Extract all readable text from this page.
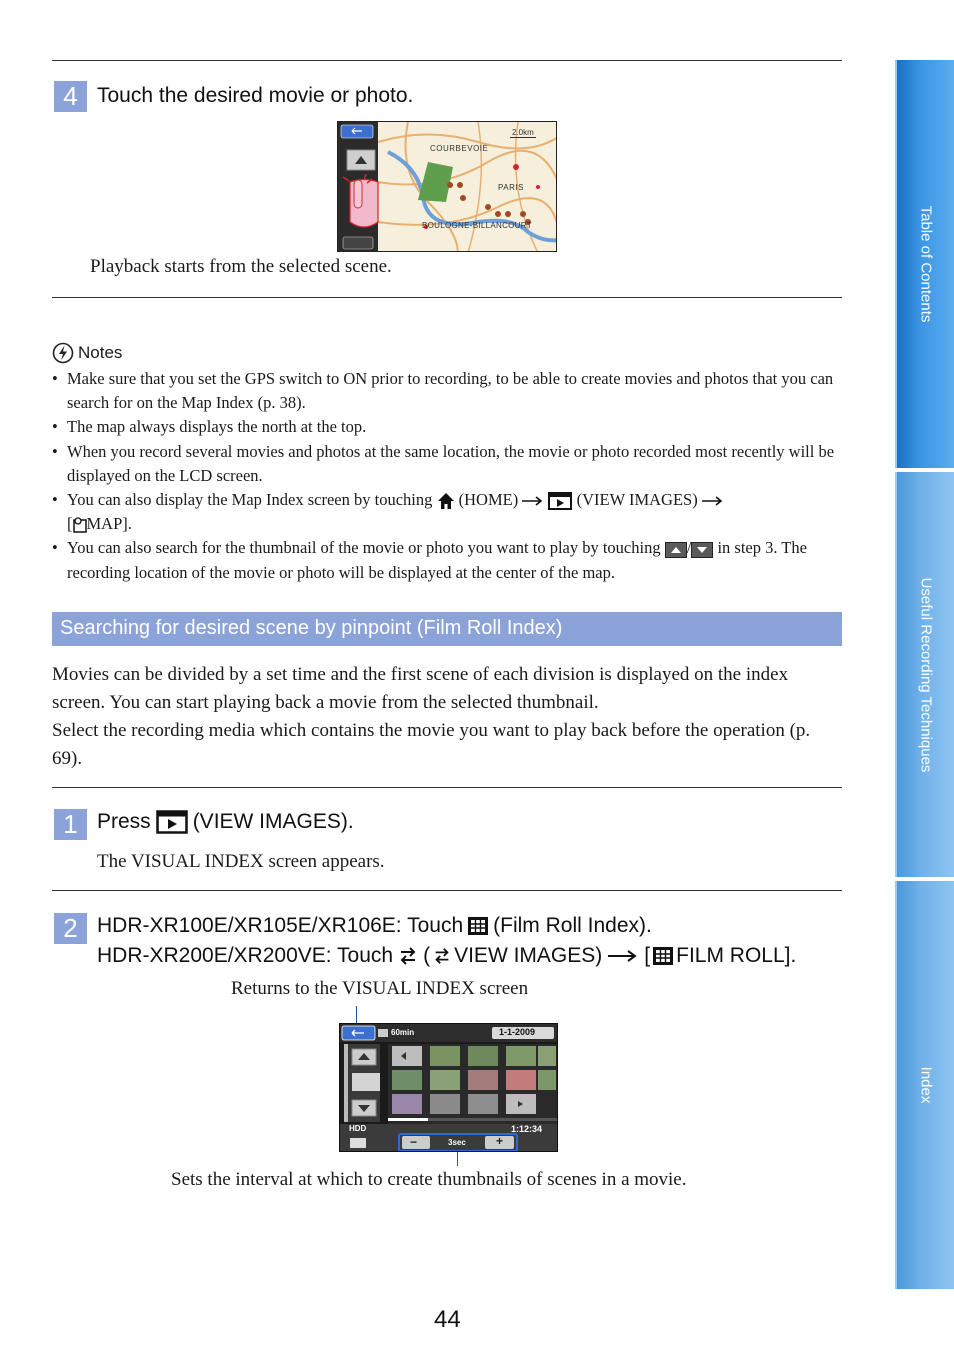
4 Touch the desired movie or photo.
COURBEVOIE
PARIS
BOULOGNE-BILLANCOURT
2.0km
Playback starts from the selected scene.
Notes
• Make sure that you set the GPS switch to ON prior to recording, to be able to create movies and photos that you can search for on the Map Index (p. 38).
• The map always displays the north at the top.
• When you record several movies and photos at the same location, the movie or photo recorded most recently will be displayed on the LCD screen.
• You can also display the Map Index screen by touching (HOME)	(VIEW IMAGES)
[ MAP].
• You can also search for the thumbnail of the movie or photo you want to play by touching / in step 3. The recording location of the movie or photo will be displayed at the center of the map.
Searching for desired scene by pinpoint (Film Roll Index)
Movies can be divided by a set time and the first scene of each division is displayed on the index screen. You can start playing back a movie from the selected thumbnail.
Select the recording media which contains the movie you want to play back before the operation (p. 69).
1 Press (VIEW IMAGES).
The VISUAL INDEX screen appears.
2 HDR-XR100E/XR105E/XR106E: Touch (Film Roll Index).
HDR-XR200E/XR200VE: Touch ( VIEW IMAGES) [ FILM ROLL].
Returns to the VISUAL INDEX screen
60min	1-1-2009
HDD	1:12:34
−	3sec	+
Sets the interval at which to create thumbnails of scenes in a movie.
Table of Contents
Useful Recording Techniques
Index
44
